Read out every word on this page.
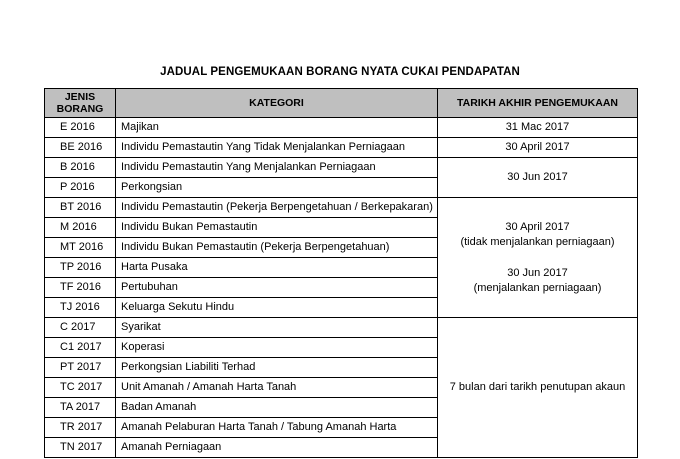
JADUAL PENGEMUKAAN BORANG NYATA CUKAI PENDAPATAN
JENIS
BORANG	KATEGORI	TARIKH AKHIR PENGEMUKAAN
E 2016	Majikan	31 Mac 2017
BE 2016	Individu Pemastautin Yang Tidak Menjalankan Perniagaan	30 April 2017
B 2016	Individu Pemastautin Yang Menjalankan Perniagaan	30 Jun 2017
P 2016	Perkongsian	
BT 2016	Individu Pemastautin (Pekerja Berpengetahuan / Berkepakaran)	30 April 2017
(tidak menjalankan perniagaan)
30 Jun 2017
(menjalankan perniagaan)

M 2016	Individu Bukan Pemastautin	
MT 2016	Individu Bukan Pemastautin (Pekerja Berpengetahuan)	
TP 2016	Harta Pusaka	
TF 2016	Pertubuhan	
TJ 2016	Keluarga Sekutu Hindu	
C 2017	Syarikat	7 bulan dari tarikh penutupan akaun
C1 2017	Koperasi	
PT 2017	Perkongsian Liabiliti Terhad	
TC 2017	Unit Amanah / Amanah Harta Tanah	
TA 2017	Badan Amanah	
TR 2017	Amanah Pelaburan Harta Tanah / Tabung Amanah Harta	
TN 2017	Amanah Perniagaan	
